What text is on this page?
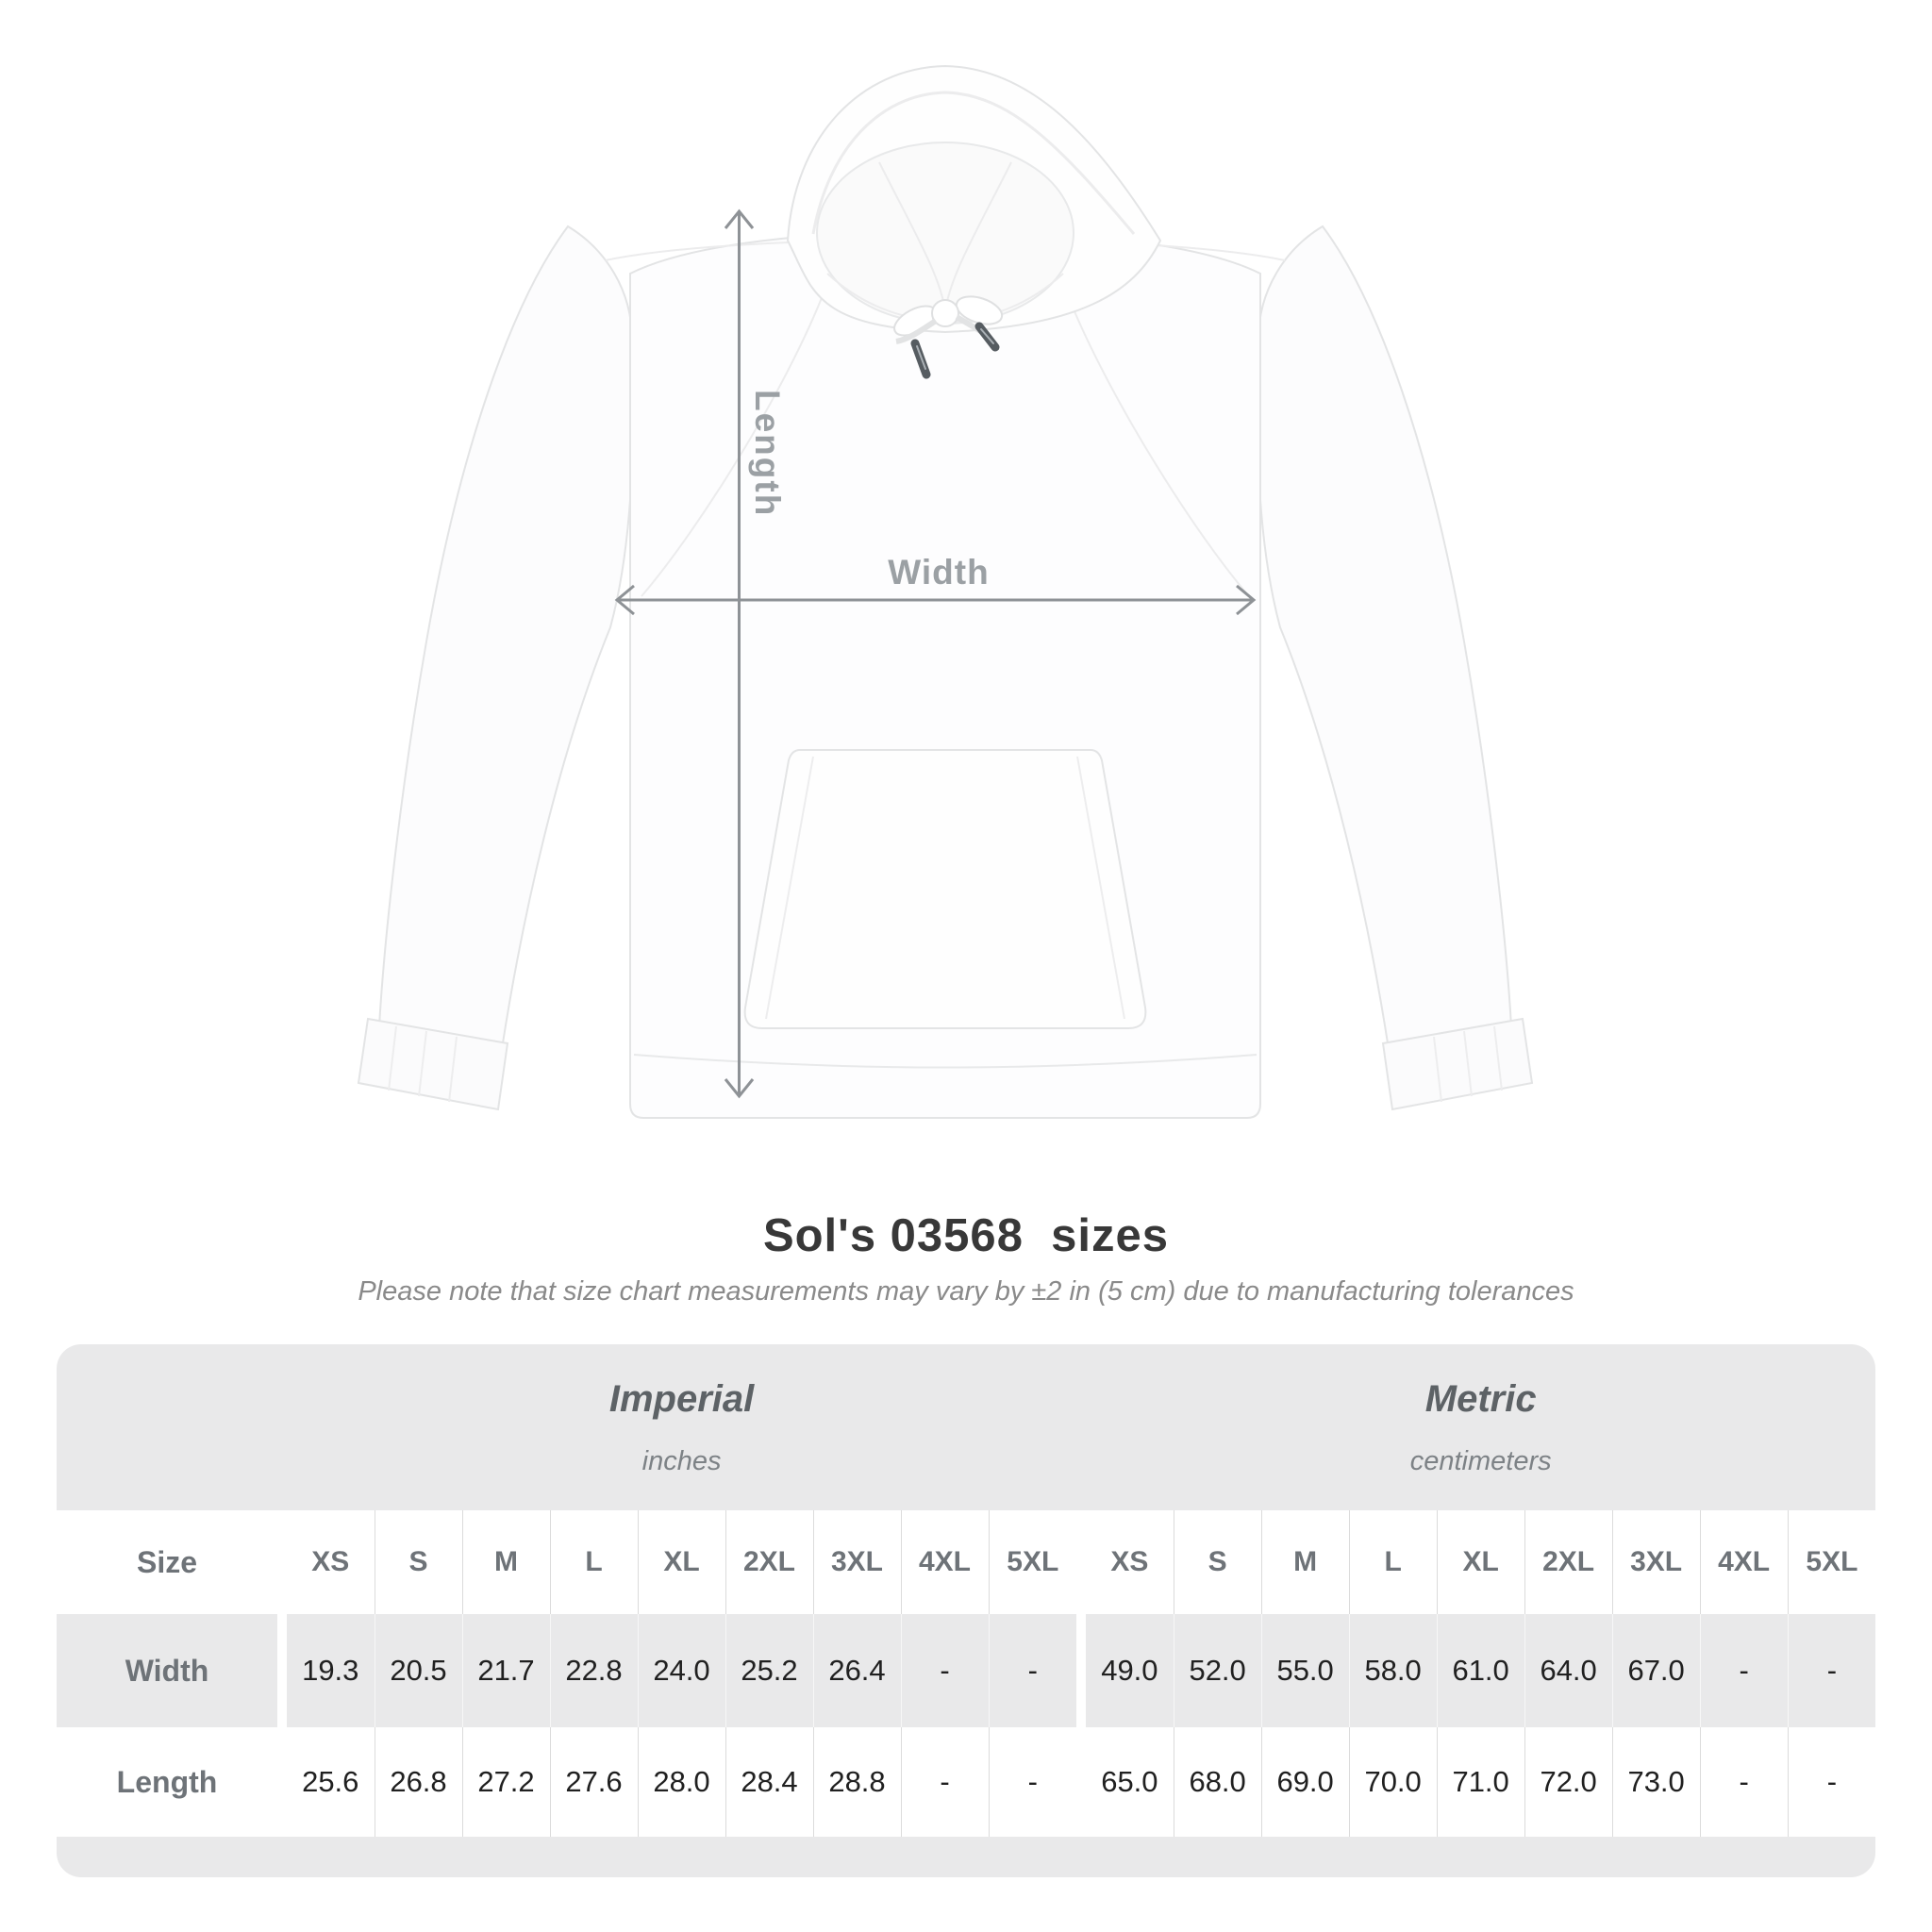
Length
Width
Sol's 03568  sizes
Please note that size chart measurements may vary by ±2 in (5 cm) due to manufacturing tolerances

Imperial
inches

Metric
centimeters

Size		XS	S	M	L	XL	2XL	3XL	4XL	5XL		XS	S	M	L	XL	2XL	3XL	4XL	5XL
Width		19.3	20.5	21.7	22.8	24.0	25.2	26.4	-	-		49.0	52.0	55.0	58.0	61.0	64.0	67.0	-	-
Length		25.6	26.8	27.2	27.6	28.0	28.4	28.8	-	-		65.0	68.0	69.0	70.0	71.0	72.0	73.0	-	-
